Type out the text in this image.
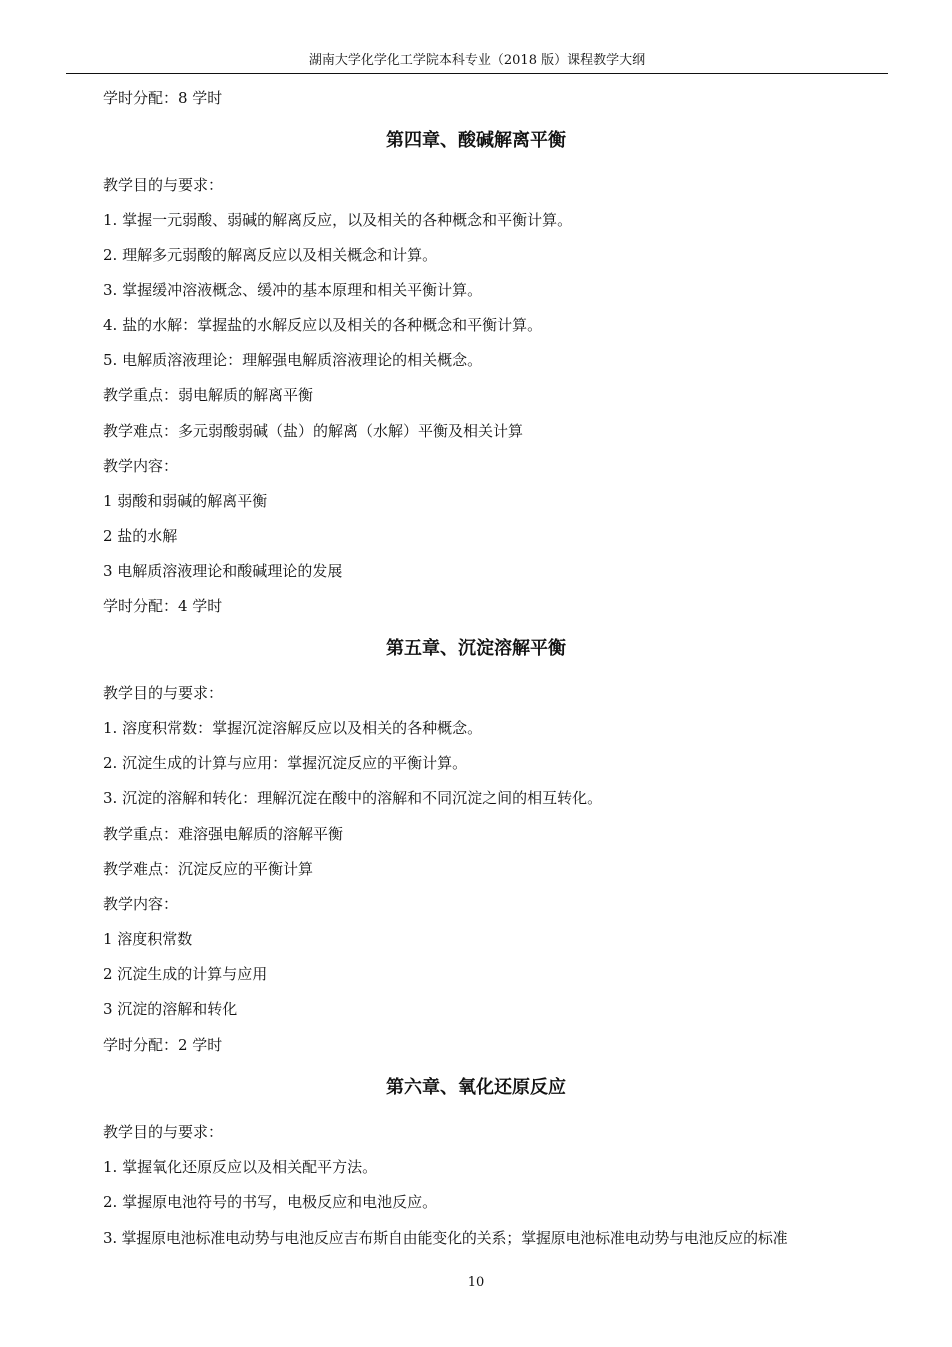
湖南大学化学化工学院本科专业（2018 版）课程教学大纲
学时分配：8 学时
第四章、酸碱解离平衡
教学目的与要求：
1. 掌握一元弱酸、弱碱的解离反应，以及相关的各种概念和平衡计算。
2. 理解多元弱酸的解离反应以及相关概念和计算。
3. 掌握缓冲溶液概念、缓冲的基本原理和相关平衡计算。
4. 盐的水解：掌握盐的水解反应以及相关的各种概念和平衡计算。
5. 电解质溶液理论：理解强电解质溶液理论的相关概念。
教学重点：弱电解质的解离平衡
教学难点：多元弱酸弱碱（盐）的解离（水解）平衡及相关计算
教学内容：
1 弱酸和弱碱的解离平衡
2 盐的水解
3 电解质溶液理论和酸碱理论的发展
学时分配：4 学时
第五章、沉淀溶解平衡
教学目的与要求：
1. 溶度积常数：掌握沉淀溶解反应以及相关的各种概念。
2. 沉淀生成的计算与应用：掌握沉淀反应的平衡计算。
3. 沉淀的溶解和转化：理解沉淀在酸中的溶解和不同沉淀之间的相互转化。
教学重点：难溶强电解质的溶解平衡
教学难点：沉淀反应的平衡计算
教学内容：
1 溶度积常数
2 沉淀生成的计算与应用
3 沉淀的溶解和转化
学时分配：2 学时
第六章、氧化还原反应
教学目的与要求：
1. 掌握氧化还原反应以及相关配平方法。
2. 掌握原电池符号的书写，电极反应和电池反应。
3. 掌握原电池标准电动势与电池反应吉布斯自由能变化的关系；掌握原电池标准电动势与电池反应的标准
10
